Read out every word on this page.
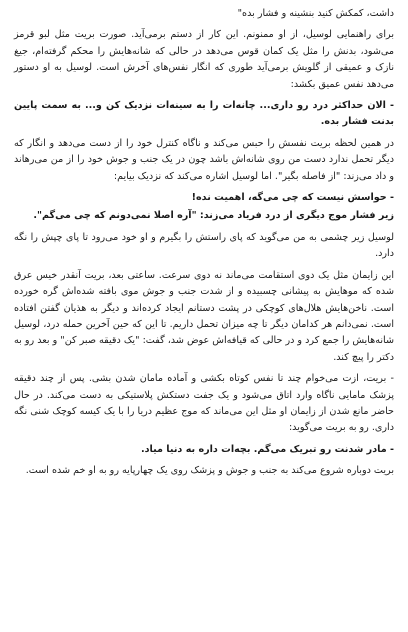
داشت، کمکش کنید بنشینه و فشار بده"

برای راهنمایی لوسیل، از او ممنونم. این کار از دستم برمی‌آید. صورت بریت مثل لبو قرمز می‌شود، بدنش را مثل یک کمان قوس می‌دهد در حالی که شانه‌هایش را محکم گرفته‌ام، جیغ نازک و عمیقی از گلویش برمی‌آید طوری که انگار نفس‌های آخرش است. لوسیل به او دستور می‌دهد نفس عمیق بکشد:

- الان حداکثر درد رو داری... چانه‌ات را به سینه‌ات نزدیک کن و... به سمت پایین بدنت فشار بده.

در همین لحظه بریت نفسش را حبس می‌کند و ناگاه کنترل خود را از دست می‌دهد و انگار که دیگر تحمل ندارد دست من روی شانه‌اش باشد چون در یک جنب و جوش خود را از من می‌رهاند و داد می‌زند: "از فاصله بگیر". اما لوسیل اشاره می‌کند که نزدیک بیایم:

- حواسش نیست که چی می‌گه، اهمیت نده!

زیر فشار موج دیگری از درد فریاد می‌زند: "آره اصلا نمی‌دونم که چی می‌گم".

لوسیل زیر چشمی به من می‌گوید که پای راستش را بگیرم و او خود می‌رود تا پای چپش را نگه دارد.

این زایمان مثل یک دوی استقامت می‌ماند نه دوی سرعت. ساعتی بعد، بریت آنقدر خیس عرق شده که موهایش به پیشانی چسبیده و از شدت جنب و جوش موی بافته شده‌اش گره خورده است. ناخن‌هایش هلال‌های کوچکی در پشت دستانم ایجاد کرده‌اند و دیگر به هذیان گفتن افتاده است. نمی‌دانم هر کدامان دیگر تا چه میزان تحمل داریم. تا این که حین آخرین حمله درد، لوسیل شانه‌هایش را جمع کرد و در حالی که قیافه‌اش عوض شد، گفت: "یک دقیقه صبر کن" و بعد رو به دکتر را پیچ کند.

- بریت، ازت می‌خوام چند تا نفس کوتاه بکشی و آماده مامان شدن بشی. پس از چند دقیقه پزشک مامایی ناگاه وارد اتاق می‌شود و یک جفت دستکش پلاستیکی به دست می‌کند. در حال حاضر مانع شدن از زایمان او مثل این می‌ماند که موج عظیم دریا را با یک کیسه کوچک شنی نگه داری. رو به بریت می‌گوید:

- مادر شدنت رو تبریک می‌گم. بچه‌ات داره به دنیا میاد.

بریت دوباره شروع می‌کند به جنب و جوش و پزشک روی یک چهارپایه رو به او خم شده است.
